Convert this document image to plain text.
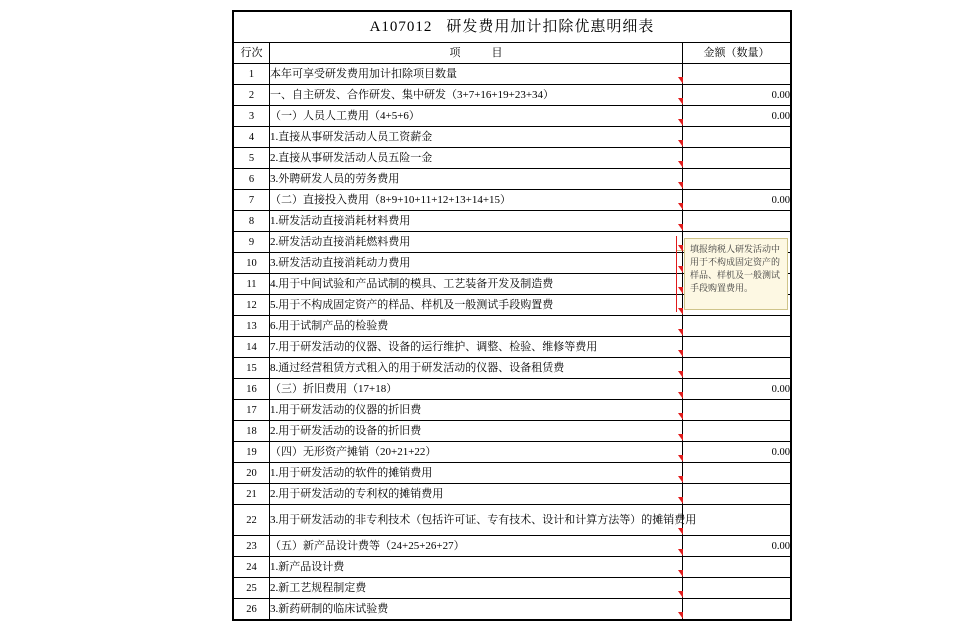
A107012 研发费用加计扣除优惠明细表		
行次	项　目	金额（数量）
1	本年可享受研发费用加计扣除项目数量	
2	一、自主研发、合作研发、集中研发（3+7+16+19+23+34）	0.00
3	（一）人员人工费用（4+5+6）	0.00
4	1.直接从事研发活动人员工资薪金	
5	2.直接从事研发活动人员五险一金	
6	3.外聘研发人员的劳务费用	
7	（二）直接投入费用（8+9+10+11+12+13+14+15）	0.00
8	1.研发活动直接消耗材料费用	
9	2.研发活动直接消耗燃料费用	
10	3.研发活动直接消耗动力费用	
11	4.用于中间试验和产品试制的模具、工艺装备开发及制造费	
12	5.用于不构成固定资产的样品、样机及一般测试手段购置费	
13	6.用于试制产品的检验费	
14	7.用于研发活动的仪器、设备的运行维护、调整、检验、维修等费用	
15	8.通过经营租赁方式租入的用于研发活动的仪器、设备租赁费	
16	（三）折旧费用（17+18）	0.00
17	1.用于研发活动的仪器的折旧费	
18	2.用于研发活动的设备的折旧费	
19	（四）无形资产摊销（20+21+22）	0.00
20	1.用于研发活动的软件的摊销费用	
21	2.用于研发活动的专利权的摊销费用	
22	3.用于研发活动的非专利技术（包括许可证、专有技术、设计和计算方法等）的摊销费用	
23	（五）新产品设计费等（24+25+26+27）	0.00
24	1.新产品设计费	
25	2.新工艺规程制定费	
26	3.新药研制的临床试验费	
填报纳税人研发活动中用于不构成固定资产的样品、样机及一般测试手段购置费用。
